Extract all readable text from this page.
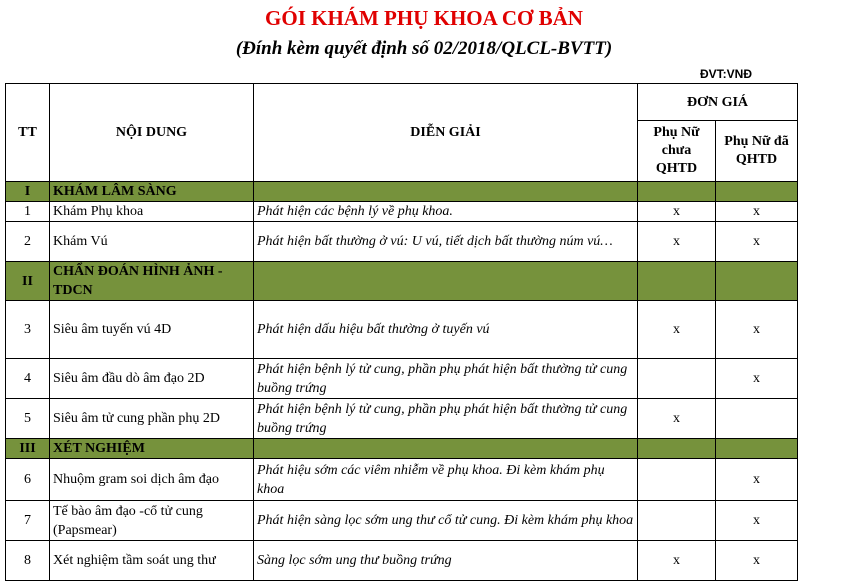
GÓI KHÁM PHỤ KHOA CƠ BẢN
(Đính kèm quyết định số 02/2018/QLCL-BVTT)
ĐVT:VNĐ
TT	NỘI DUNG	DIỄN GIẢI	ĐƠN GIÁ	
			Phụ Nữ chưa QHTD	Phụ Nữ đã QHTD
I	KHÁM LÂM SÀNG			
1	Khám Phụ khoa	Phát hiện các bệnh lý về phụ khoa.	x	x
2	Khám Vú	Phát hiện bất thường ở vú: U vú, tiết dịch bất thường núm vú…	x	x
II	CHẨN ĐOÁN HÌNH ẢNH - TDCN			
3	Siêu âm tuyến vú 4D	Phát hiện dấu hiệu bất thường ở tuyến vú	x	x
4	Siêu âm đầu dò âm đạo 2D	Phát hiện bệnh lý tử cung, phần phụ phát hiện bất thường tử cung buồng trứng		x
5	Siêu âm tử cung phần phụ 2D	Phát hiện bệnh lý tử cung, phần phụ phát hiện bất thường tử cung buồng trứng	x	
III	XÉT NGHIỆM			
6	Nhuộm gram soi dịch âm đạo	Phát hiệu sớm các viêm nhiễm về phụ khoa. Đi kèm khám phụ khoa		x
7	Tế bào âm đạo -cổ tử cung (Papsmear)	Phát hiện sàng lọc sớm ung thư cổ tử cung. Đi kèm khám phụ khoa		x
8	Xét nghiệm tầm soát ung thư	Sàng lọc sớm ung thư buồng trứng	x	x
